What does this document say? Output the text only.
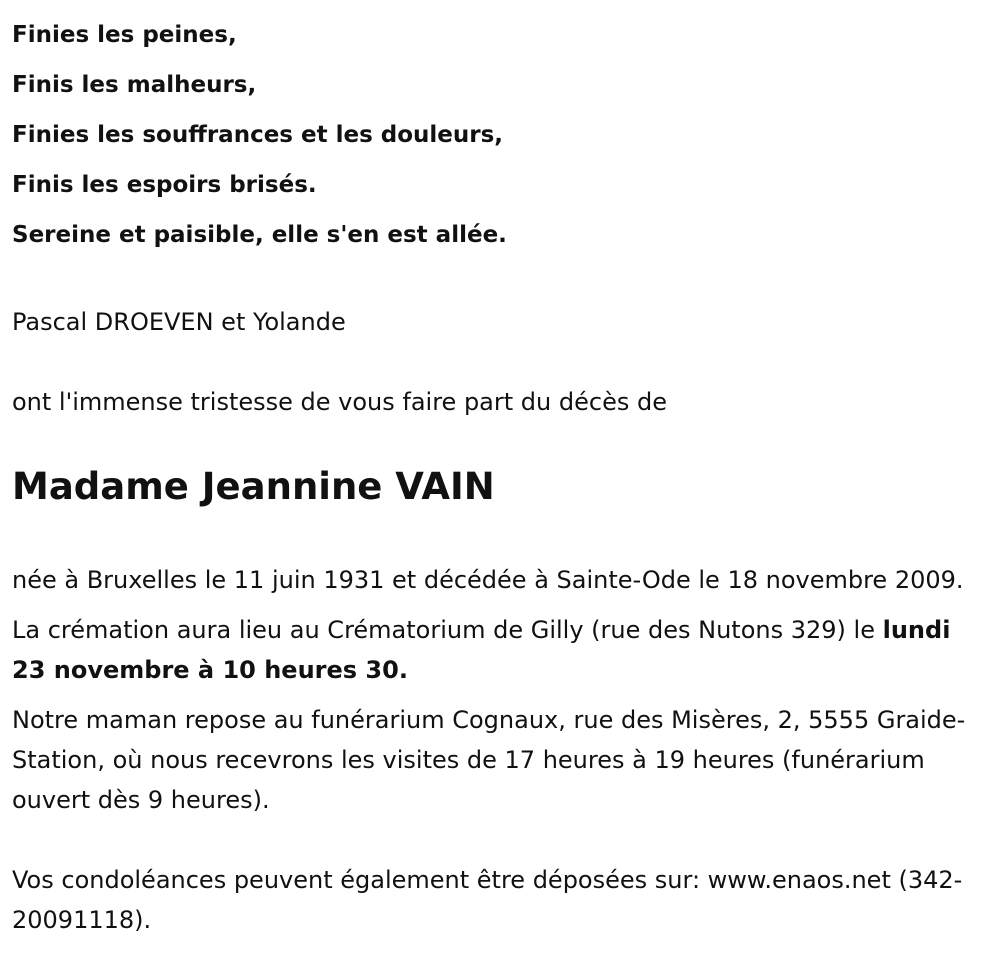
Finies les peines,

Finis les malheurs,

Finies les souffrances et les douleurs,

Finis les espoirs brisés.

Sereine et paisible, elle s'en est allée.

Pascal DROEVEN et Yolande

ont l'immense tristesse de vous faire part du décès de

Madame Jeannine VAIN

née à Bruxelles le 11 juin 1931 et décédée à Sainte-Ode le 18 novembre 2009.

La crémation aura lieu au Crématorium de Gilly (rue des Nutons 329) le lundi 23 novembre à 10 heures 30.

Notre maman repose au funérarium Cognaux, rue des Misères, 2, 5555 Graide-Station, où nous recevrons les visites de 17 heures à 19 heures (funérarium ouvert dès 9 heures).

Vos condoléances peuvent également être déposées sur: www.enaos.net (342-20091118).
